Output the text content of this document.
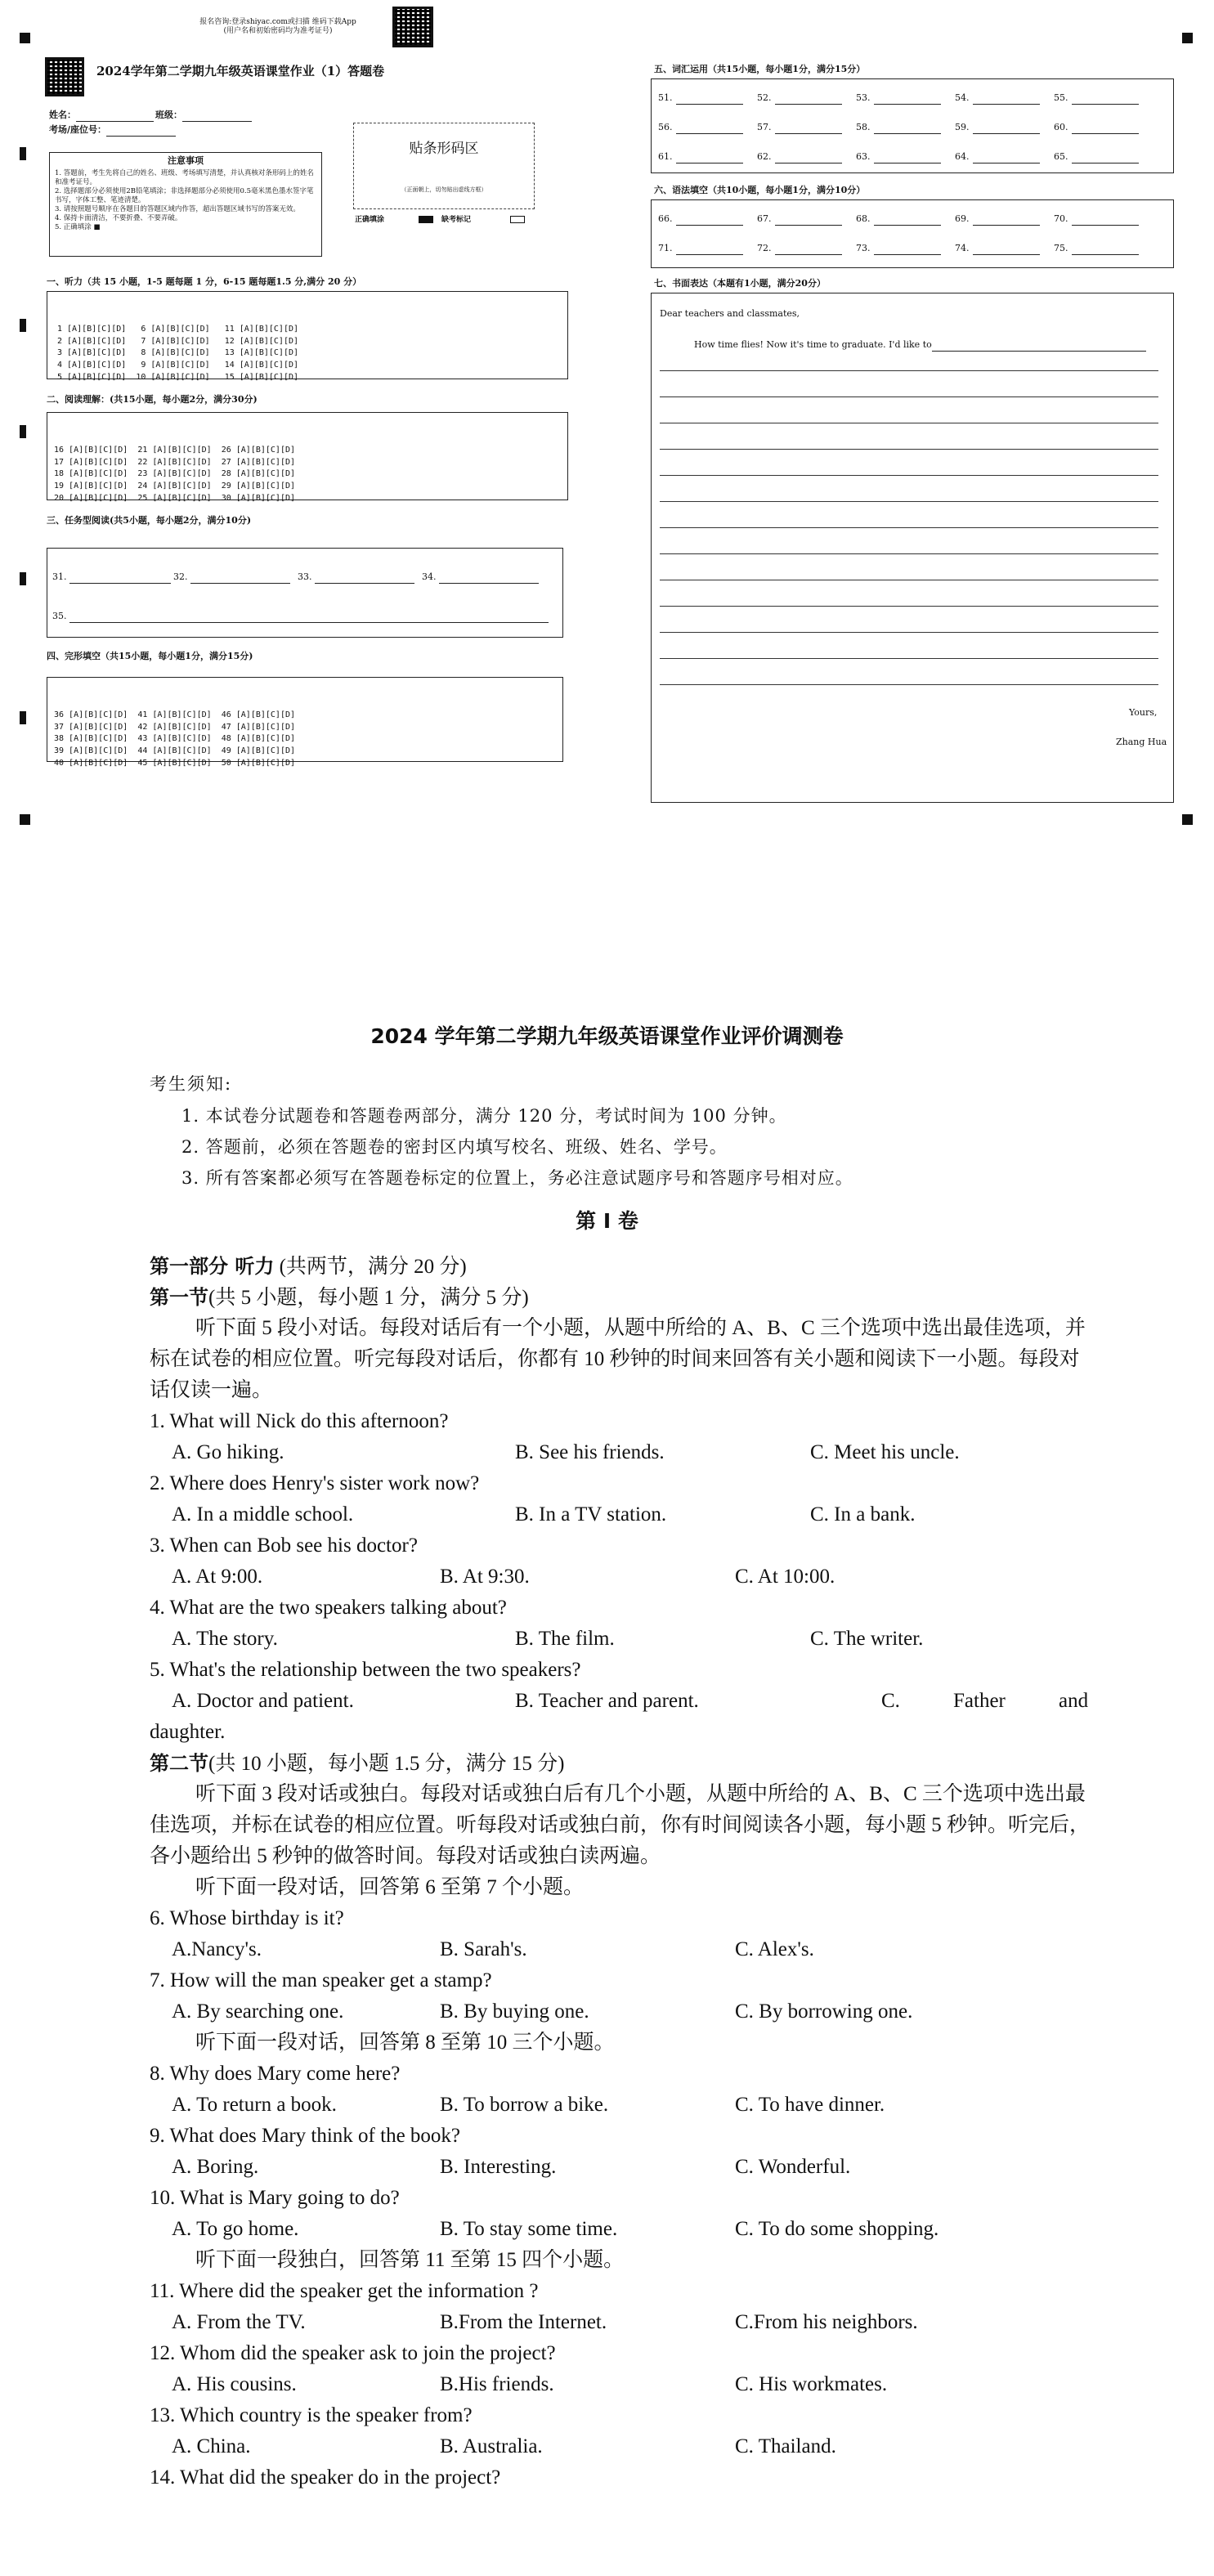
报名咨询:登录shiyac.com或扫描 维码下载App
(用户名和初始密码均为准考证号)
2024学年第二学期九年级英语课堂作业（1）答题卷
姓名：	班级：
考场/座位号：
注意事项
1. 答题前，考生先将自己的姓名、班级、考场填写清楚，并认真核对条形码上的姓名和准考证号。
2. 选择题部分必须使用2B铅笔填涂；非选择题部分必须使用0.5毫米黑色墨水签字笔书写，字体工整、笔迹清楚。
3. 请按照题号顺序在各题目的答题区域内作答，超出答题区域书写的答案无效。
4. 保持卡面清洁，不要折叠、不要弄破。
5. 正确填涂 ■
贴条形码区
（正面朝上，切勿贴出虚线方框）
正确填涂	缺考标记
一、听力（共 15 小题，1-5 题每题 1 分，6-15 题每题1.5 分,满分 20 分）

1 [A][B][C][D]   6 [A][B][C][D]   11 [A][B][C][D]
2 [A][B][C][D]   7 [A][B][C][D]   12 [A][B][C][D]
3 [A][B][C][D]   8 [A][B][C][D]   13 [A][B][C][D]
4 [A][B][C][D]   9 [A][B][C][D]   14 [A][B][C][D]
5 [A][B][C][D]  10 [A][B][C][D]   15 [A][B][C][D]

二、阅读理解：(共15小题，每小题2分，满分30分)

16 [A][B][C][D]  21 [A][B][C][D]  26 [A][B][C][D]
17 [A][B][C][D]  22 [A][B][C][D]  27 [A][B][C][D]
18 [A][B][C][D]  23 [A][B][C][D]  28 [A][B][C][D]
19 [A][B][C][D]  24 [A][B][C][D]  29 [A][B][C][D]
20 [A][B][C][D]  25 [A][B][C][D]  30 [A][B][C][D]

三、任务型阅读(共5小题，每小题2分，满分10分)
31.	32.	33.	34.
35.
四、完形填空（共15小题，每小题1分，满分15分)

36 [A][B][C][D]  41 [A][B][C][D]  46 [A][B][C][D]
37 [A][B][C][D]  42 [A][B][C][D]  47 [A][B][C][D]
38 [A][B][C][D]  43 [A][B][C][D]  48 [A][B][C][D]
39 [A][B][C][D]  44 [A][B][C][D]  49 [A][B][C][D]
40 [A][B][C][D]  45 [A][B][C][D]  50 [A][B][C][D]

五、词汇运用（共15小题，每小题1分，满分15分）
51.	52.	53.	54.	55.
56.	57.	58.	59.	60.
61.	62.	63.	64.	65.
六、语法填空（共10小题，每小题1分，满分10分）
66.	67.	68.	69.	70.
71.	72.	73.	74.	75.
七、书面表达（本题有1小题，满分20分）
Dear teachers and classmates,
How time flies! Now it's time to graduate. I'd like to
Yours,
Zhang Hua
2024 学年第二学期九年级英语课堂作业评价调测卷
考生须知:
1. 本试卷分试题卷和答题卷两部分，满分 120 分，考试时间为 100 分钟。
2. 答题前，必须在答题卷的密封区内填写校名、班级、姓名、学号。
3. 所有答案都必须写在答题卷标定的位置上，务必注意试题序号和答题序号相对应。
第 I 卷
第一部分 听力 (共两节，满分 20 分)
第一节(共 5 小题，每小题 1 分，满分 5 分)
听下面 5 段小对话。每段对话后有一个小题，从题中所给的 A、B、C 三个选项中选出最佳选项，并标在试卷的相应位置。听完每段对话后，你都有 10 秒钟的时间来回答有关小题和阅读下一小题。每段对话仅读一遍。
1. What will Nick do this afternoon?
A. Go hiking.	B. See his friends.	C. Meet his uncle.
2. Where does Henry's sister work now?
A. In a middle school.	B. In a TV station.	C. In a bank.
3. When can Bob see his doctor?
A. At 9:00.	B. At 9:30.	C. At 10:00.
4. What are the two speakers talking about?
A. The story.	B. The film.	C. The writer.
5. What's the relationship between the two speakers?
A. Doctor and patient.	B. Teacher and parent.	C.	Father	and
daughter.
第二节(共 10 小题，每小题 1.5 分，满分 15 分)
听下面 3 段对话或独白。每段对话或独白后有几个小题，从题中所给的 A、B、C 三个选项中选出最佳选项，并标在试卷的相应位置。听每段对话或独白前，你有时间阅读各小题，每小题 5 秒钟。听完后，各小题给出 5 秒钟的做答时间。每段对话或独白读两遍。
听下面一段对话，回答第 6 至第 7 个小题。
6. Whose birthday is it?
A.Nancy's.	B. Sarah's.	C. Alex's.
7. How will the man speaker get a stamp?
A. By searching one.	B. By buying one.	C. By borrowing one.
听下面一段对话，回答第 8 至第 10 三个小题。
8. Why does Mary come here?
A. To return a book.	B. To borrow a bike.	C. To have dinner.
9. What does Mary think of the book?
A. Boring.	B. Interesting.	C. Wonderful.
10. What is Mary going to do?
A. To go home.	B. To stay some time.	C. To do some shopping.
听下面一段独白，回答第 11 至第 15 四个小题。
11. Where did the speaker get the information ?
A. From the TV.	B.From the Internet.	C.From his neighbors.
12. Whom did the speaker ask to join the project?
A. His cousins.	B.His friends.	C. His workmates.
13. Which country is the speaker from?
A. China.	B. Australia.	C. Thailand.
14. What did the speaker do in the project?
